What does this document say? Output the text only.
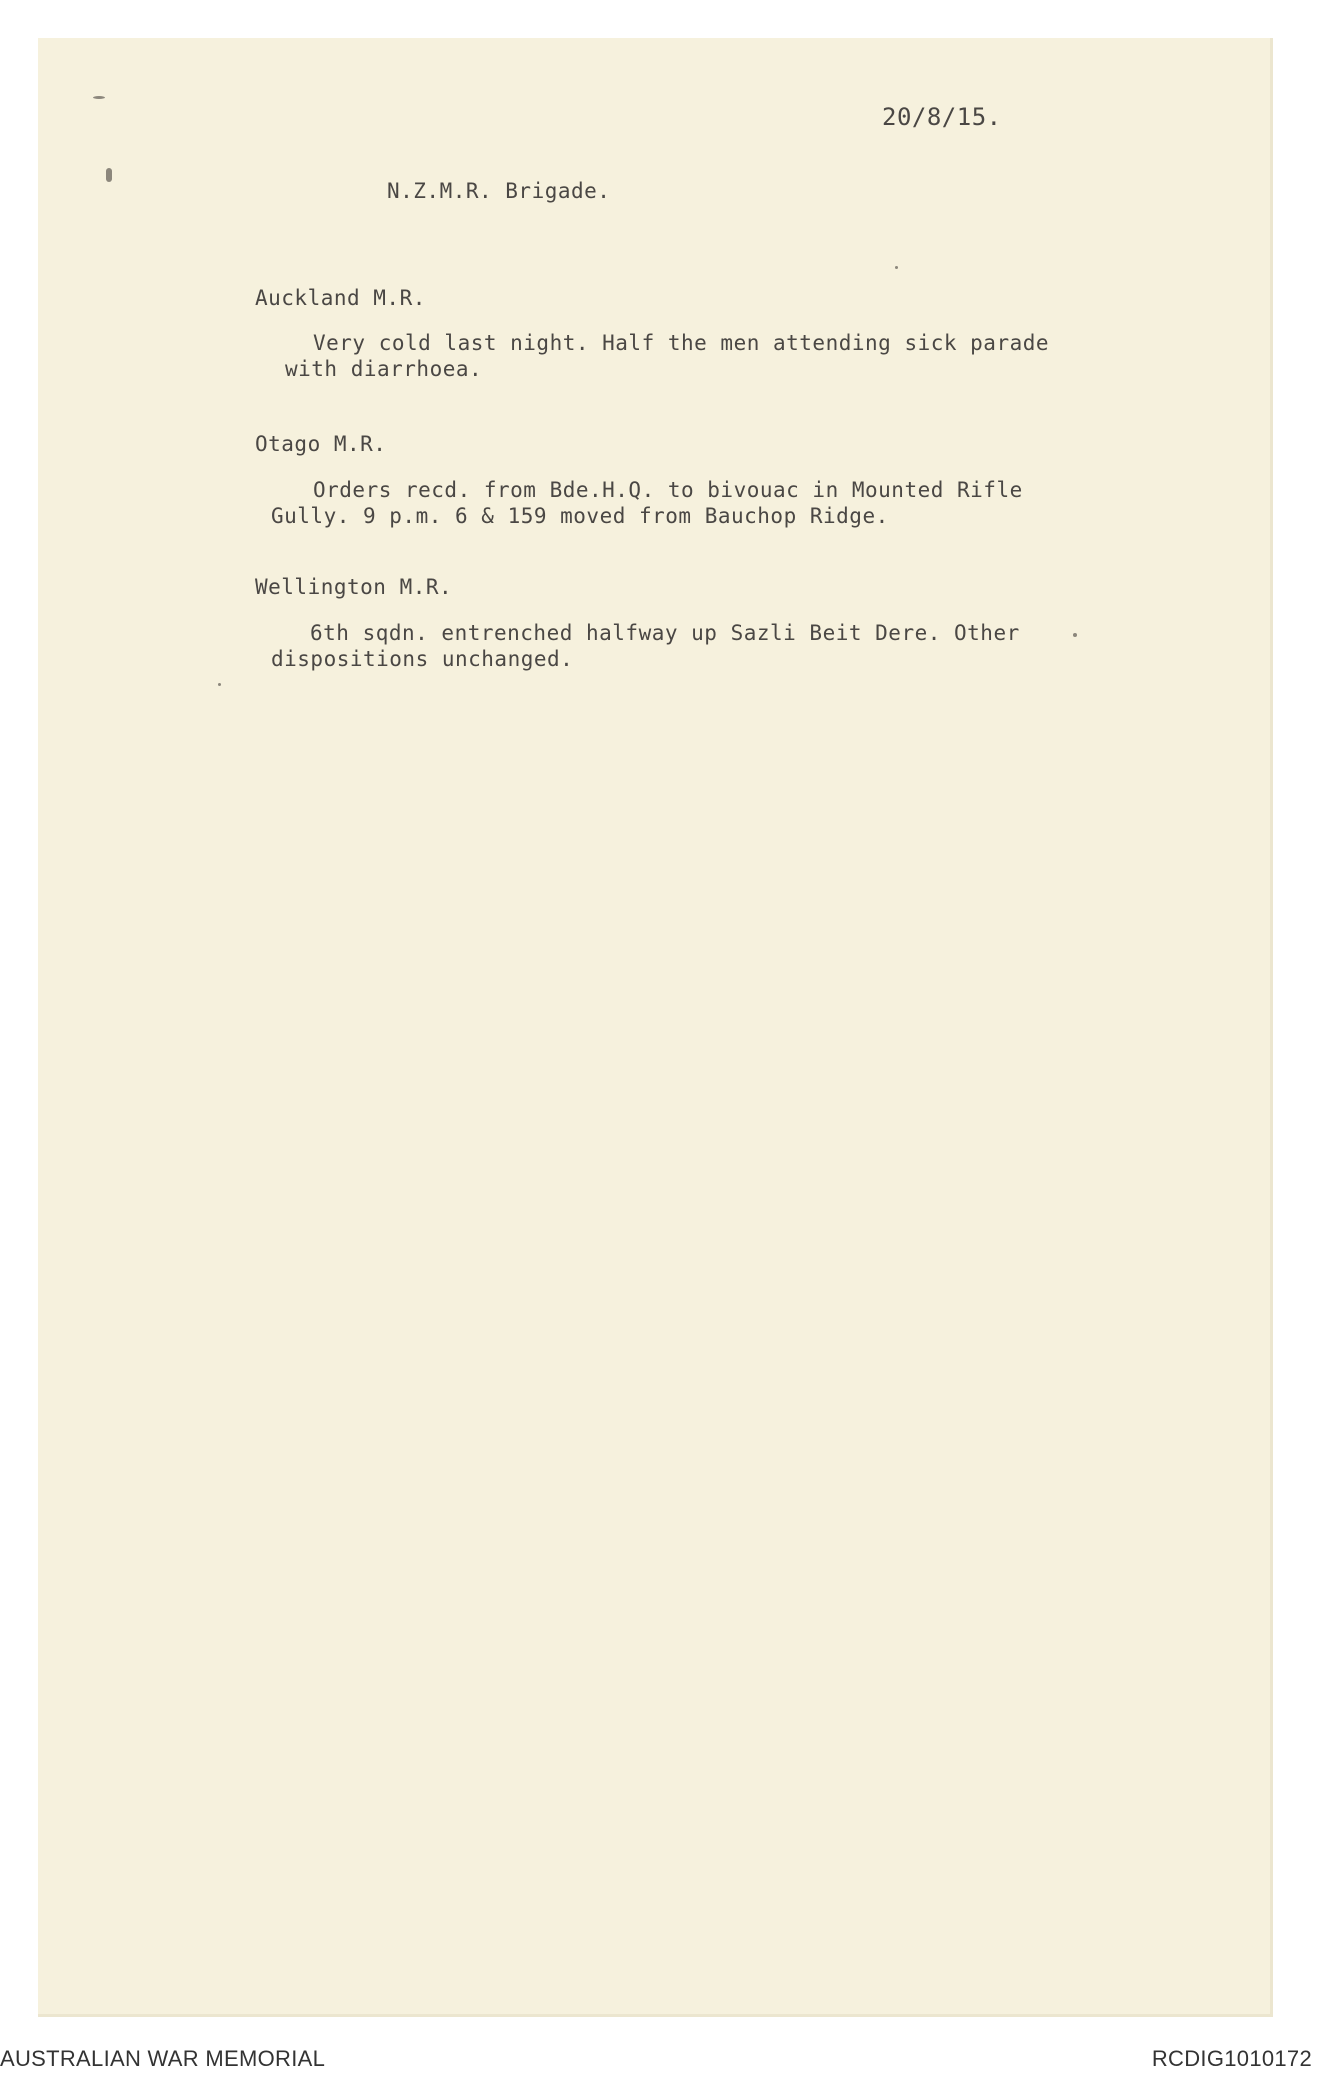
20/8/15.
N.Z.M.R. Brigade.
Auckland M.R.
Very cold last night. Half the men attending sick parade
with diarrhoea.
Otago M.R.
Orders recd. from Bde.H.Q. to bivouac in Mounted Rifle
Gully. 9 p.m. 6 & 159 moved from Bauchop Ridge.
Wellington M.R.
6th sqdn. entrenched halfway up Sazli Beit Dere. Other
dispositions unchanged.
AUSTRALIAN WAR MEMORIAL	RCDIG1010172
